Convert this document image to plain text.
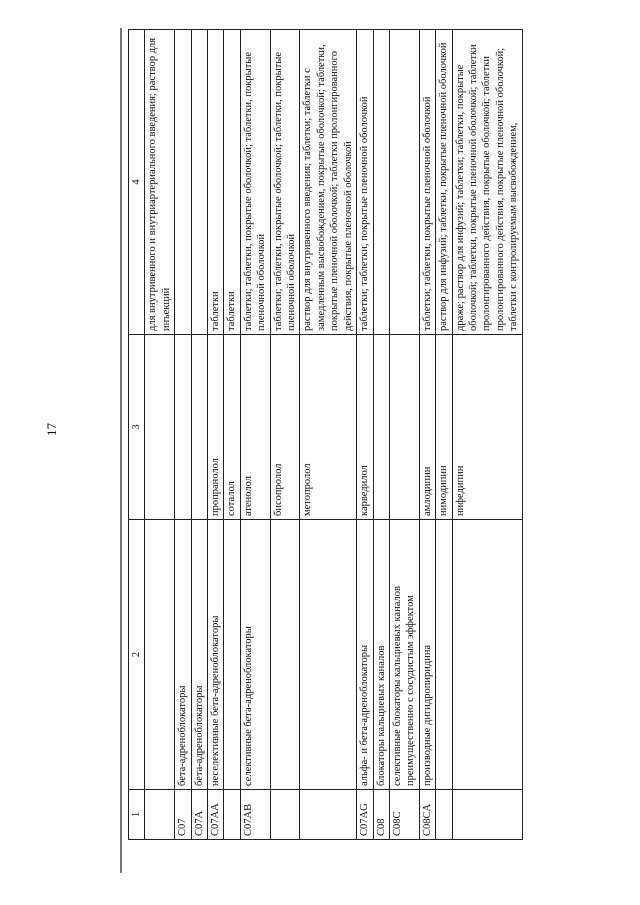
17
1	2	3	4
			для внутривенного и внутриартериального введения; раствор для инъекций
C07	бета-адреноблокаторы		
C07A	бета-адреноблокаторы		
C07AA	неселективные бета-адреноблокаторы	пропранолол	таблетки
		соталол	таблетки
C07AB	селективные бета-адреноблокаторы	атенолол	таблетки; таблетки, покрытые оболочкой; таблетки, покрытые пленочной оболочкой
		бисопролол	таблетки; таблетки, покрытые оболочкой; таблетки, покрытые пленочной оболочкой
		метопролол	раствор для внутривенного введения; таблетки; таблетки с замедленным высвобождением, покрытые оболочкой; таблетки, покрытые пленочной оболочкой; таблетки пролонгированного действия, покрытые пленочной оболочкой
C07AG	альфа- и бета-адреноблокаторы	карведилол	таблетки; таблетки, покрытые пленочной оболочкой
C08	блокаторы кальциевых каналов		
C08C	селективные блокаторы кальциевых каналов преимущественно с сосудистым эффектом		
C08CA	производные дигидропиридина	амлодипин	таблетки; таблетки, покрытые пленочной оболочкой
		нимодипин	раствор для инфузий; таблетки, покрытые пленочной оболочкой
		нифедипин	драже; раствор для инфузий; таблетки; таблетки, покрытые оболочкой; таблетки, покрытые пленочной оболочкой; таблетки пролонгированного действия, покрытые оболочкой; таблетки пролонгированного действия, покрытые пленочной оболочкой; таблетки с контролируемым высвобождением,
